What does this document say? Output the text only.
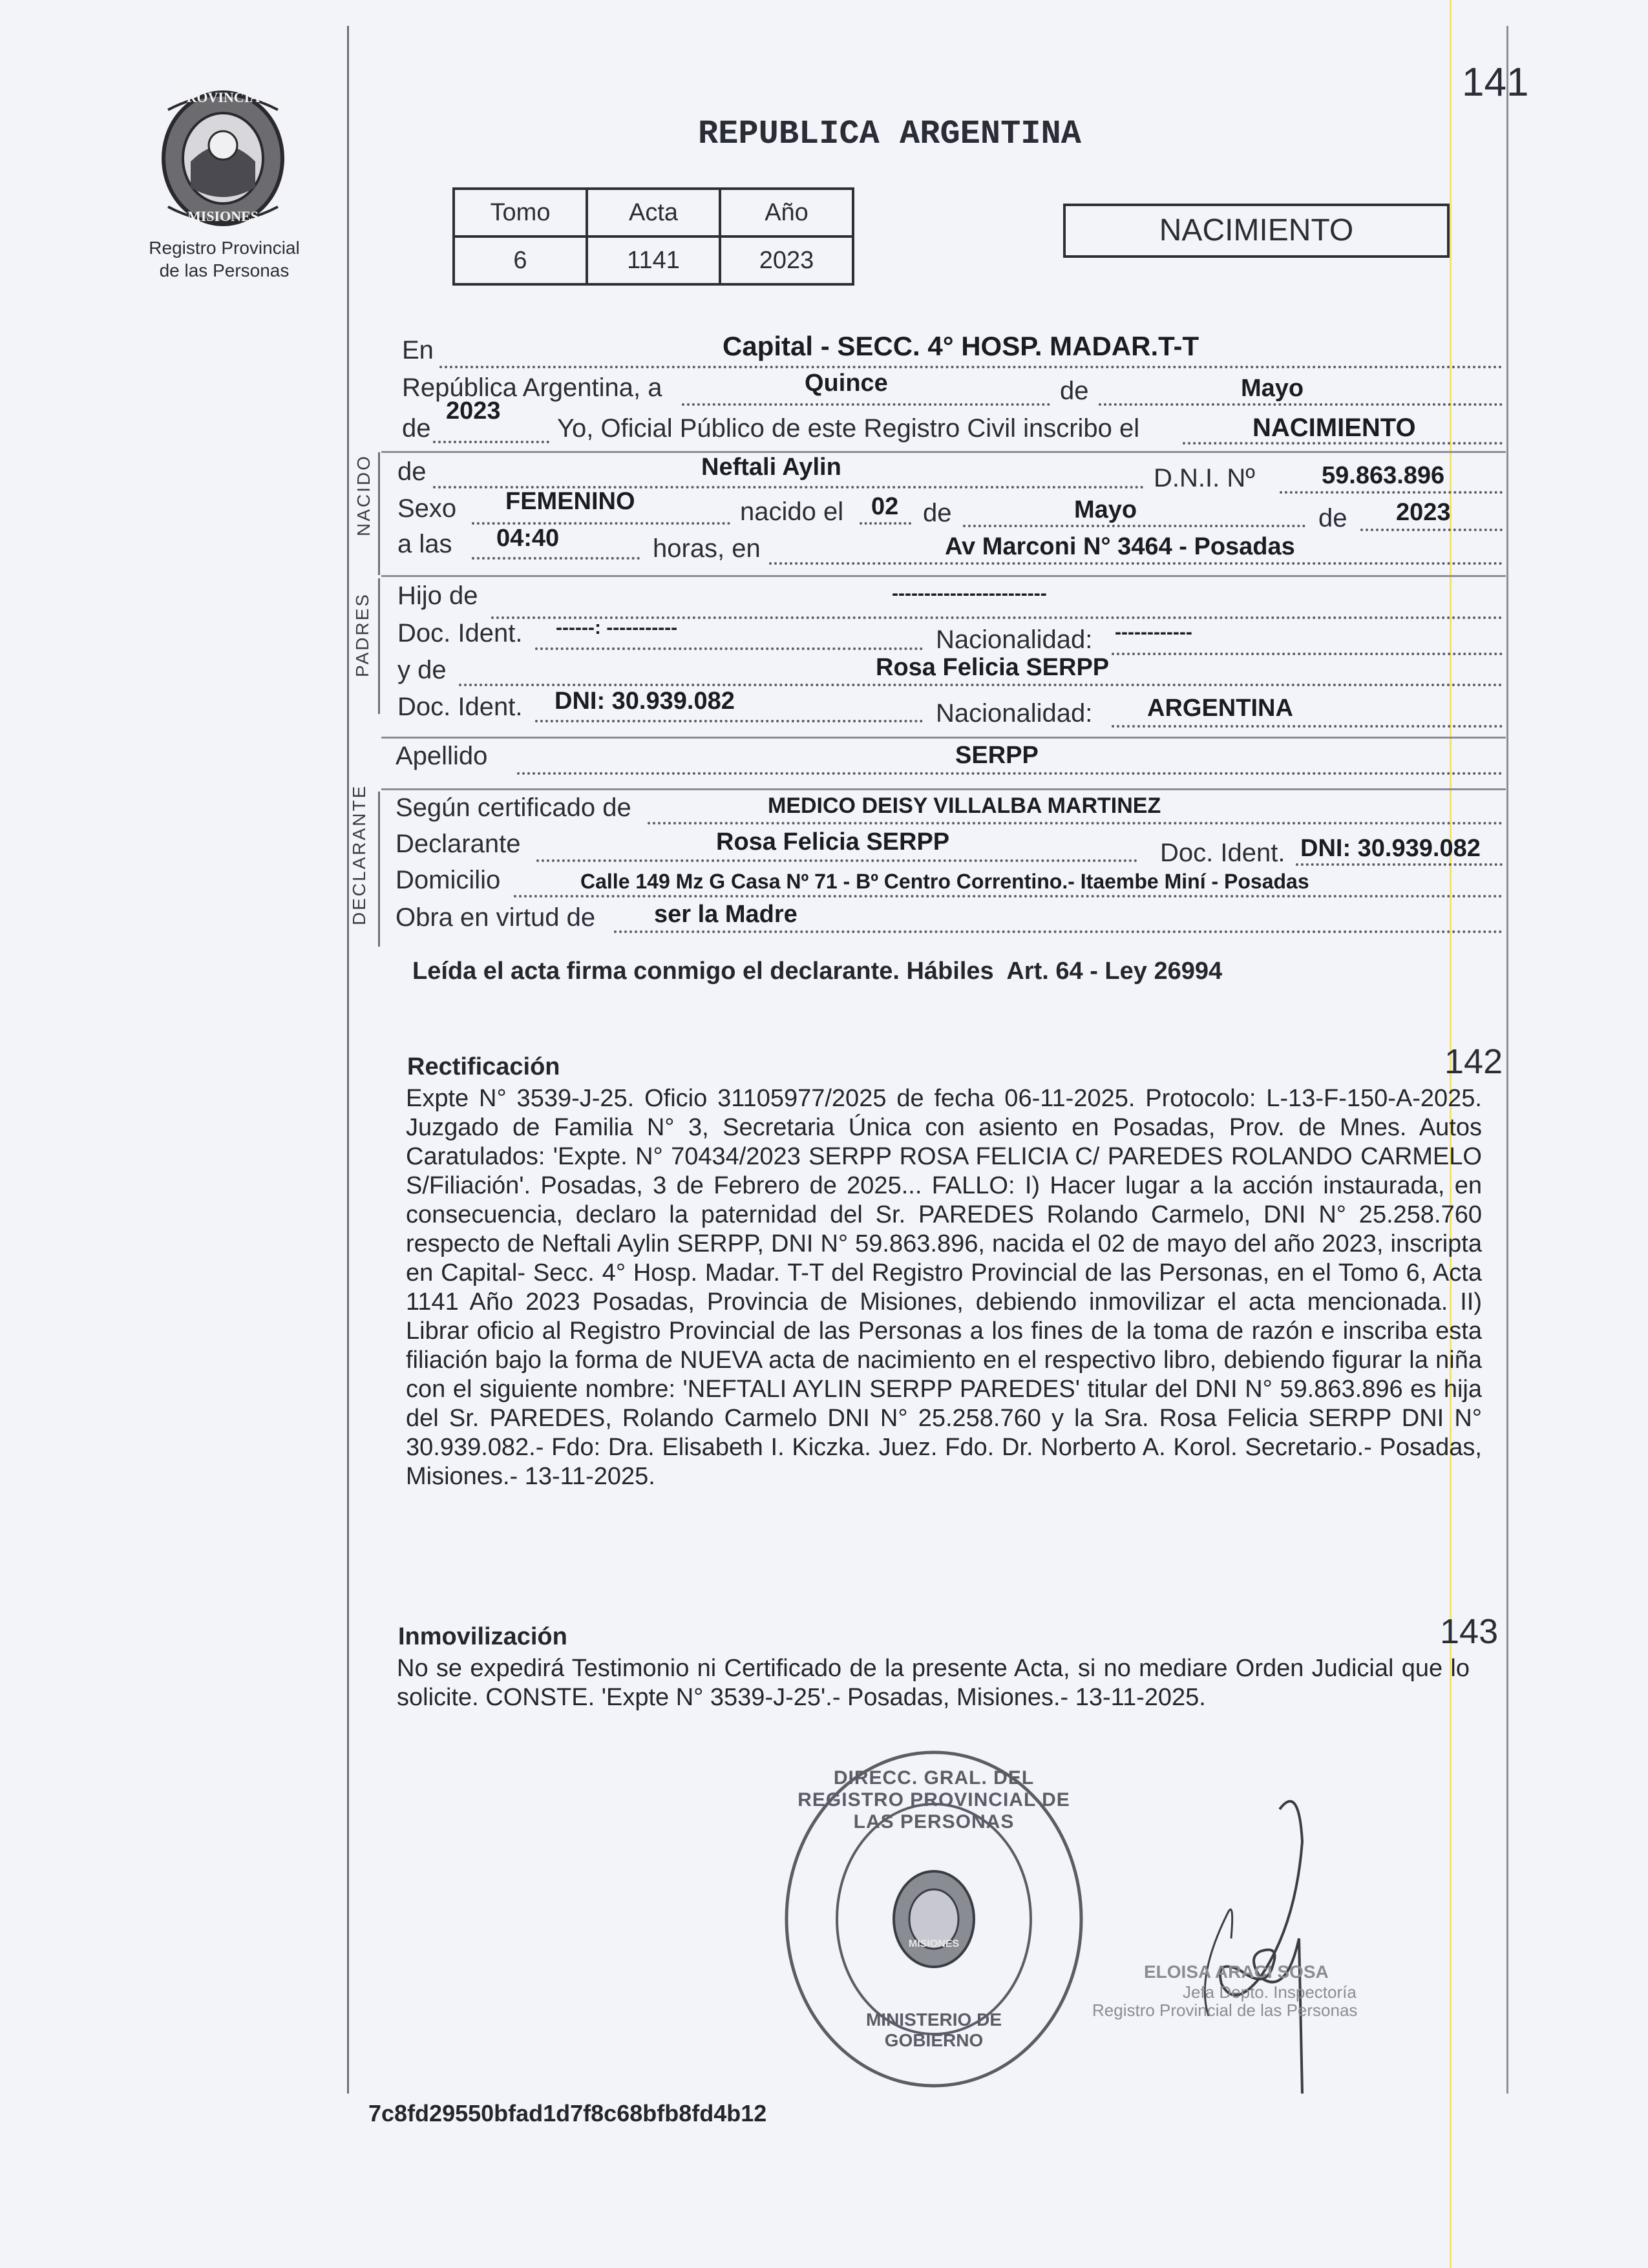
PROVINCIA DE
MISIONES
Registro Provincial
de las Personas
REPUBLICA ARGENTINA
141
Tomo	Acta	Año
6	1141	2023
NACIMIENTO
En	Capital - SECC. 4° HOSP. MADAR.T-T
República Argentina, a	Quince	de	Mayo
de
2023
Yo, Oficial Público de este Registro Civil inscribo el	NACIMIENTO
NACIDO de	Neftali Aylin	D.N.I. Nº	59.863.896
Sexo FEMENINO	nacido el 02 de	Mayo	de 2023
a las 04:40	horas, en	Av Marconi N° 3464 - Posadas
PADRES Hijo de	------------------------
Doc. Ident. ------: -----------	Nacionalidad: ------------
y de	Rosa Felicia SERPP
Doc. Ident. DNI: 30.939.082	Nacionalidad: ARGENTINA
Apellido	SERPP
DECLARANTE Según certificado de	MEDICO DEISY VILLALBA MARTINEZ
Declarante	Rosa Felicia SERPP	Doc. Ident. DNI: 30.939.082
Domicilio	Calle 149 Mz G Casa Nº 71 - Bº Centro Correntino.- Itaembe Miní - Posadas
Obra en virtud de ser la Madre
Leída el acta firma conmigo el declarante. Hábiles  Art. 64 - Ley 26994
142
Rectificación
Expte N° 3539-J-25. Oficio 31105977/2025 de fecha 06-11-2025. Protocolo: L-13-F-150-A-2025. Juzgado de Familia N° 3, Secretaria Única con asiento en Posadas, Prov. de Mnes. Autos Caratulados: 'Expte. N° 70434/2023 SERPP ROSA FELICIA C/ PAREDES ROLANDO CARMELO S/Filiación'. Posadas, 3 de Febrero de 2025... FALLO: I) Hacer lugar a la acción instaurada, en consecuencia, declaro la paternidad del Sr. PAREDES Rolando Carmelo, DNI N° 25.258.760 respecto de Neftali Aylin SERPP, DNI N° 59.863.896, nacida el 02 de mayo del año 2023, inscripta en Capital- Secc. 4° Hosp. Madar. T-T del Registro Provincial de las Personas, en el Tomo 6, Acta 1141 Año 2023 Posadas, Provincia de Misiones, debiendo inmovilizar el acta mencionada. II) Librar oficio al Registro Provincial de las Personas a los fines de la toma de razón e inscriba esta filiación bajo la forma de NUEVA acta de nacimiento en el respectivo libro, debiendo figurar la niña con el siguiente nombre: 'NEFTALI AYLIN SERPP PAREDES' titular del DNI N° 59.863.896 es hija del Sr. PAREDES, Rolando Carmelo DNI N° 25.258.760 y la Sra. Rosa Felicia SERPP DNI N° 30.939.082.- Fdo: Dra. Elisabeth I. Kiczka. Juez. Fdo. Dr. Norberto A. Korol. Secretario.- Posadas, Misiones.- 13-11-2025.
143
Inmovilización
No se expedirá Testimonio ni Certificado de la presente Acta, si no mediare Orden Judicial que lo solicite. CONSTE. 'Expte N° 3539-J-25'.- Posadas, Misiones.- 13-11-2025.
DIRECC. GRAL. DEL REGISTRO PROVINCIAL DE LAS PERSONAS
MINISTERIO DE GOBIERNO
MISIONES
ELOISA ARACI SOSA
Jefa Depto. Inspectoría
Registro Provincial de las Personas
7c8fd29550bfad1d7f8c68bfb8fd4b12
